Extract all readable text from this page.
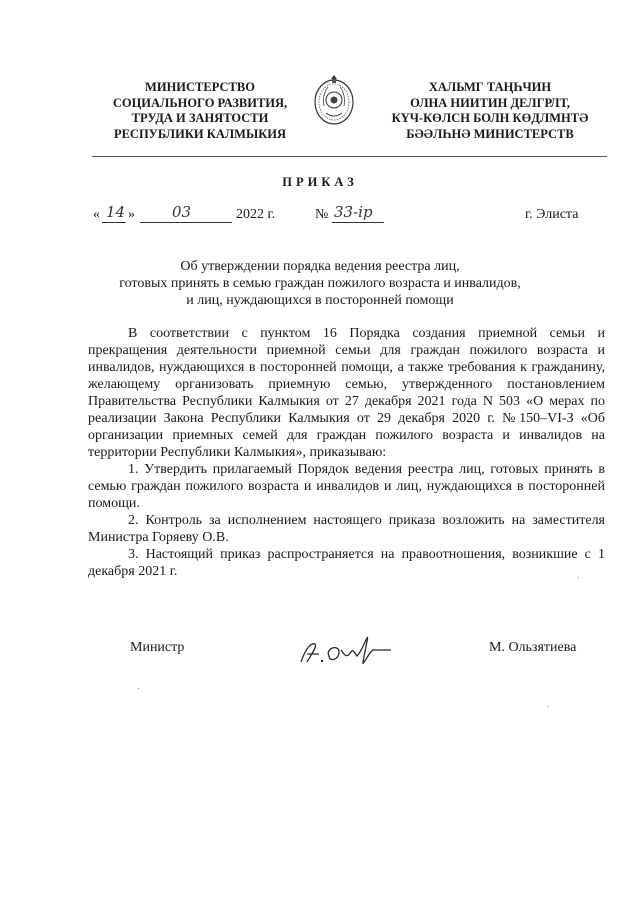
МИНИСТЕРСТВО
СОЦИАЛЬНОГО РАЗВИТИЯ,
ТРУДА И ЗАНЯТОСТИ
РЕСПУБЛИКИ КАЛМЫКИЯ
ХАЛЬМГ ТАҢҺЧИН
ОЛНА НИИТИН ДЕЛГРЛТ,
КҮЧ-КӨЛСН БОЛН КӨДЛМНТӘ
БӘӘЛҺНӘ МИНИСТЕРСТВ
ПРИКАЗ
« 14 » 03	2022 г.	№ 33-ip	г. Элиста
Об утверждении порядка ведения реестра лиц,
готовых принять в семью граждан пожилого возраста и инвалидов,
и лиц, нуждающихся в посторонней помощи

В соответствии с пунктом 16 Порядка создания приемной семьи и прекращения деятельности приемной семьи для граждан пожилого возраста и инвалидов, нуждающихся в посторонней помощи, а также требования к гражданину, желающему организовать приемную семью, утвержденного постановлением Правительства Республики Калмыкия от 27 декабря 2021 года N 503 «О мерах по реализации Закона Республики Калмыкия от 29 декабря 2020 г. №150–VI-З «Об организации приемных семей для граждан пожилого возраста и инвалидов на территории Республики Калмыкия», приказываю:

1. Утвердить прилагаемый Порядок ведения реестра лиц, готовых принять в семью граждан пожилого возраста и инвалидов и лиц, нуждающихся в посторонней помощи.

2. Контроль за исполнением настоящего приказа возложить на заместителя Министра Горяеву О.В.

3. Настоящий приказ распространяется на правоотношения, возникшие с 1 декабря 2021 г.

Министр	М. Ользятиева
